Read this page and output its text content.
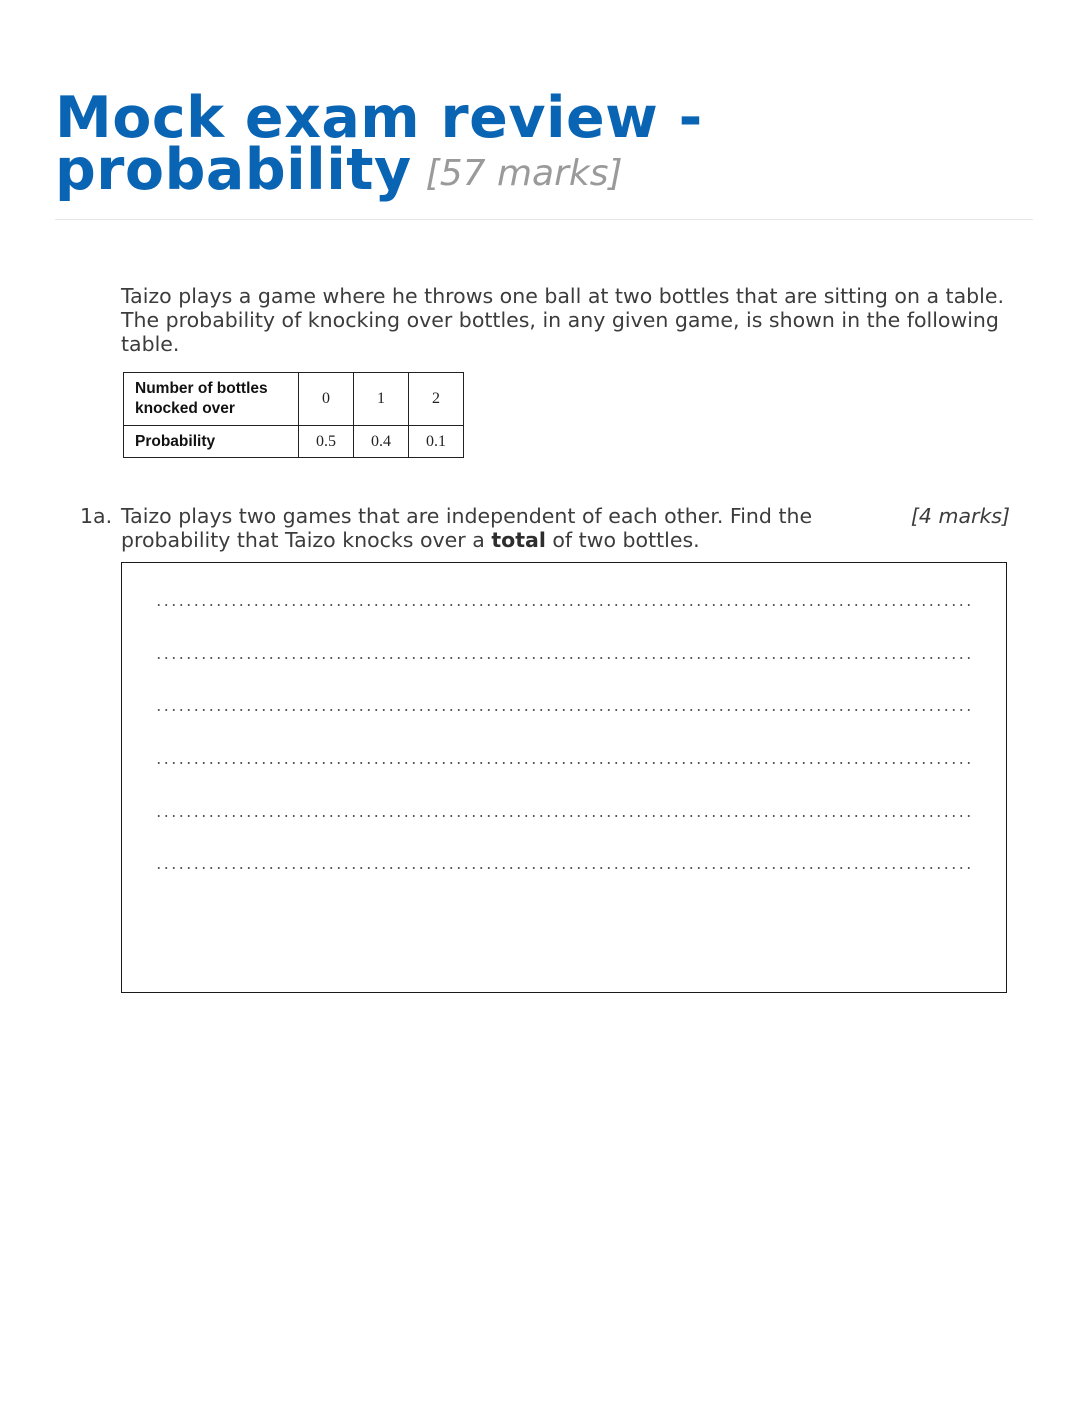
Mock exam review -
probability [57 marks]

Taizo plays a game where he throws one ball at two bottles that are sitting on a table. The probability of knocking over bottles, in any given game, is shown in the following table.

Number of bottles knocked over	0	1	2
Probability	0.5	0.4	0.1
1a. Taizo plays two games that are independent of each other. Find the probability that Taizo knocks over a total of two bottles.

[4 marks]
